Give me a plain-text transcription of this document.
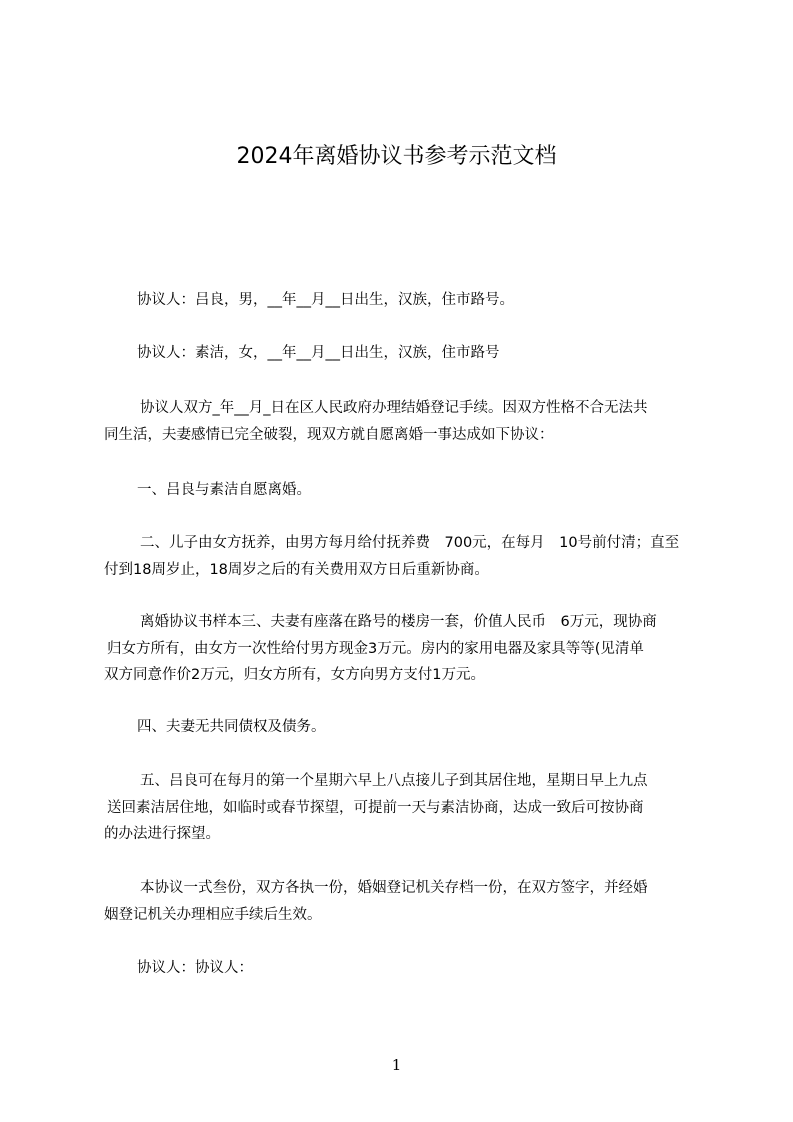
2024年离婚协议书参考示范文档
协议人：吕良，男，__年__月__日出生，汉族，住市路号。
协议人：素洁，女，__年__月__日出生，汉族，住市路号
协议人双方_年__月_日在区人民政府办理结婚登记手续。因双方性格不合无法共
同生活，夫妻感情已完全破裂，现双方就自愿离婚一事达成如下协议：
一、吕良与素洁自愿离婚。
二、儿子由女方抚养，由男方每月给付抚养费　700元，在每月　10号前付清；直至
付到18周岁止，18周岁之后的有关费用双方日后重新协商。
离婚协议书样本三、夫妻有座落在路号的楼房一套，价值人民币　6万元，现协商
归女方所有，由女方一次性给付男方现金3万元。房内的家用电器及家具等等(见清单
双方同意作价2万元，归女方所有，女方向男方支付1万元。
四、夫妻无共同债权及债务。
五、吕良可在每月的第一个星期六早上八点接儿子到其居住地，星期日早上九点
送回素洁居住地，如临时或春节探望，可提前一天与素洁协商，达成一致后可按协商
的办法进行探望。
本协议一式叁份，双方各执一份，婚姻登记机关存档一份，在双方签字，并经婚
姻登记机关办理相应手续后生效。
协议人：协议人：
1
